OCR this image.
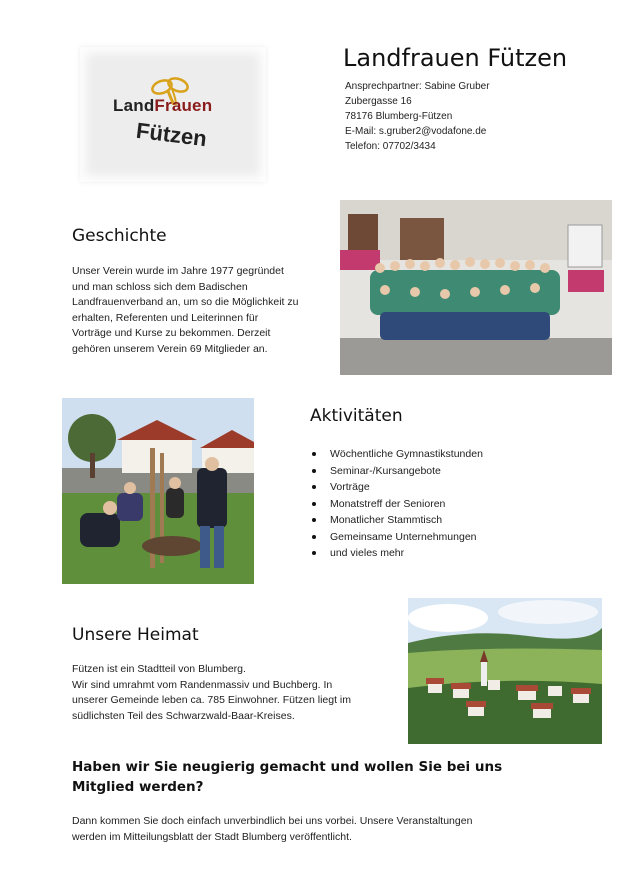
LandFrauen
Fützen
Landfrauen Fützen
Ansprechpartner: Sabine Gruber
Zubergasse 16
78176 Blumberg-Fützen
E-Mail: s.gruber2@vodafone.de
Telefon: 07702/3434
Geschichte
Unser Verein wurde im Jahre 1977 gegründet
und man schloss sich dem Badischen
Landfrauenverband an, um so die Möglichkeit zu
erhalten, Referenten und Leiterinnen für
Vorträge und Kurse zu bekommen. Derzeit
gehören unserem Verein 69 Mitglieder an.
Aktivitäten
Wöchentliche Gymnastikstunden
Seminar-/Kursangebote
Vorträge
Monatstreff der Senioren
Monatlicher Stammtisch
Gemeinsame Unternehmungen
und vieles mehr
Unsere Heimat
Fützen ist ein Stadtteil von Blumberg.
Wir sind umrahmt vom Randenmassiv und Buchberg. In
unserer Gemeinde leben ca. 785 Einwohner. Fützen liegt im
südlichsten Teil des Schwarzwald-Baar-Kreises.
Haben wir Sie neugierig gemacht und wollen Sie bei uns Mitglied werden?
Dann kommen Sie doch einfach unverbindlich bei uns vorbei. Unsere Veranstaltungen
werden im Mitteilungsblatt der Stadt Blumberg veröffentlicht.
